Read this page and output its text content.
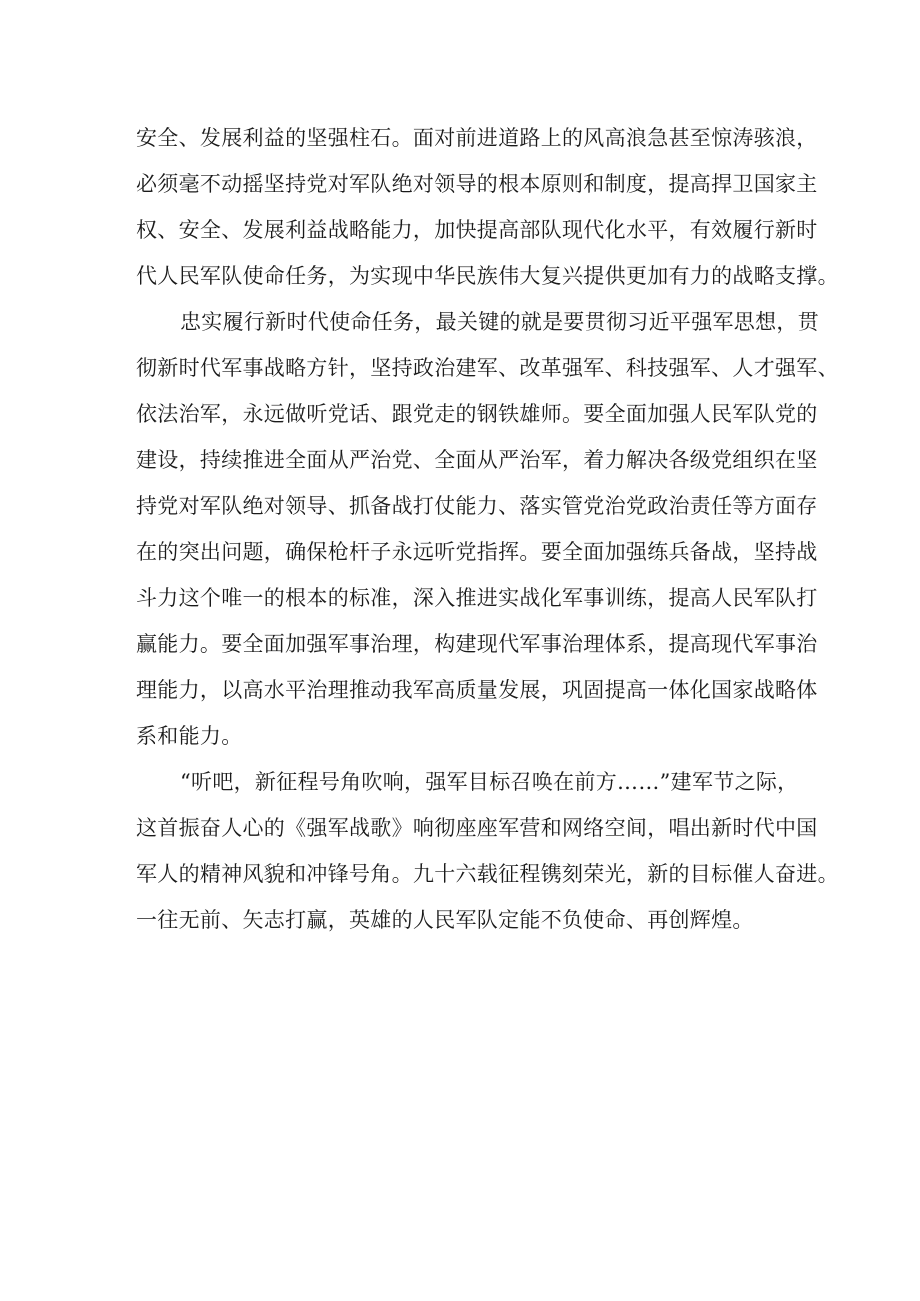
安全、发展利益的坚强柱石。面对前进道路上的风高浪急甚至惊涛骇浪，
必须毫不动摇坚持党对军队绝对领导的根本原则和制度，提高捍卫国家主
权、安全、发展利益战略能力，加快提高部队现代化水平，有效履行新时
代人民军队使命任务，为实现中华民族伟大复兴提供更加有力的战略支撑。
忠实履行新时代使命任务，最关键的就是要贯彻习近平强军思想，贯
彻新时代军事战略方针，坚持政治建军、改革强军、科技强军、人才强军、
依法治军，永远做听党话、跟党走的钢铁雄师。要全面加强人民军队党的
建设，持续推进全面从严治党、全面从严治军，着力解决各级党组织在坚
持党对军队绝对领导、抓备战打仗能力、落实管党治党政治责任等方面存
在的突出问题，确保枪杆子永远听党指挥。要全面加强练兵备战，坚持战
斗力这个唯一的根本的标准，深入推进实战化军事训练，提高人民军队打
赢能力。要全面加强军事治理，构建现代军事治理体系，提高现代军事治
理能力，以高水平治理推动我军高质量发展，巩固提高一体化国家战略体
系和能力。
“听吧，新征程号角吹响，强军目标召唤在前方……”建军节之际，
这首振奋人心的《强军战歌》响彻座座军营和网络空间，唱出新时代中国
军人的精神风貌和冲锋号角。九十六载征程镌刻荣光，新的目标催人奋进。
一往无前、矢志打赢，英雄的人民军队定能不负使命、再创辉煌。
